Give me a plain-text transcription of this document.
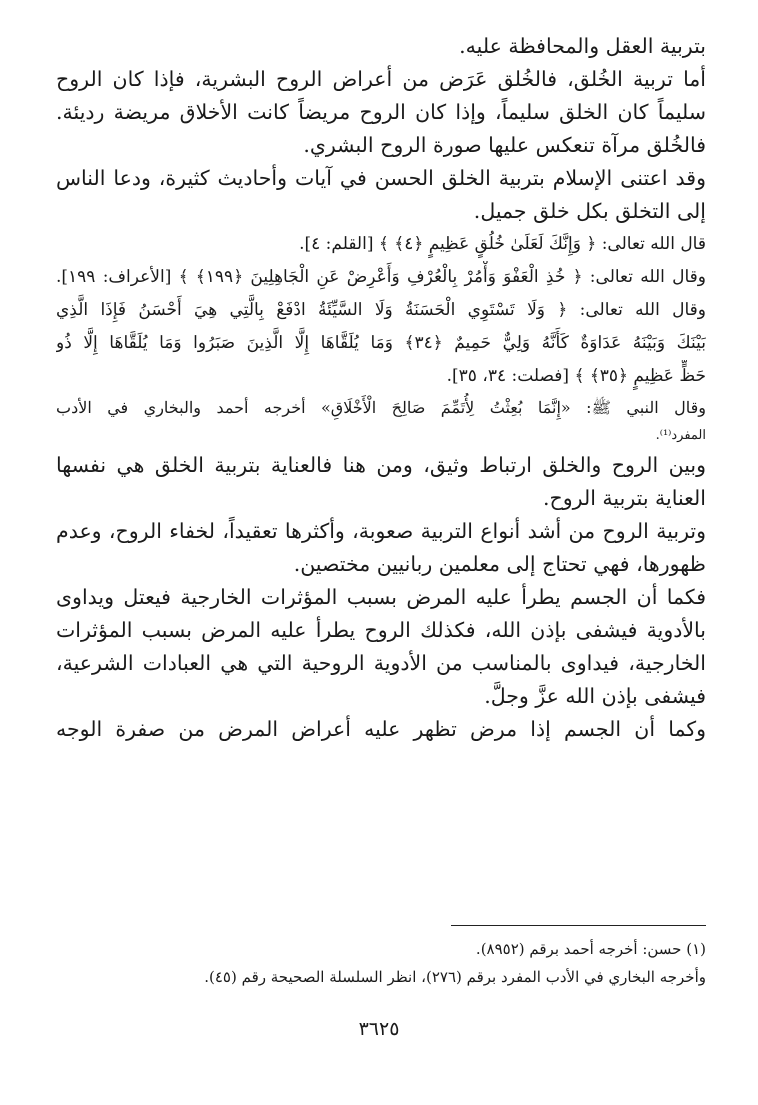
بتربية العقل والمحافظة عليه.
أما تربية الخُلق، فالخُلق عَرَض من أعراض الروح البشرية، فإذا كان الروح
سليماً كان الخلق سليماً، وإذا كان الروح مريضاً كانت الأخلاق مريضة رديئة.
فالخُلق مرآة تنعكس عليها صورة الروح البشري.
وقد اعتنى الإسلام بتربية الخلق الحسن في آيات وأحاديث كثيرة، ودعا الناس
إلى التخلق بكل خلق جميل.
قال الله تعالى: ﴿ وَإِنَّكَ لَعَلَىٰ خُلُقٍ عَظِيمٍ ﴿٤﴾ ﴾ [القلم: ٤].
وقال الله تعالى: ﴿ خُذِ الْعَفْوَ وَأْمُرْ بِالْعُرْفِ وَأَعْرِضْ عَنِ الْجَاهِلِينَ ﴿١٩٩﴾ ﴾ [الأعراف: ١٩٩].
وقال الله تعالى: ﴿ وَلَا تَسْتَوِي الْحَسَنَةُ وَلَا السَّيِّئَةُ ادْفَعْ بِالَّتِي هِيَ أَحْسَنُ فَإِذَا الَّذِي
بَيْنَكَ وَبَيْنَهُ عَدَاوَةٌ كَأَنَّهُ وَلِيٌّ حَمِيمٌ ﴿٣٤﴾ وَمَا يُلَقَّاهَا إِلَّا الَّذِينَ صَبَرُوا وَمَا يُلَقَّاهَا إِلَّا ذُو
حَظٍّ عَظِيمٍ ﴿٣٥﴾ ﴾ [فصلت: ٣٤، ٣٥].
وقال النبي ﷺ: «إِنَّمَا بُعِثْتُ لِأُتَمِّمَ صَالِحَ الْأَخْلَاقِ» أخرجه أحمد والبخاري في الأدب
المفرد⁽¹⁾.
وبين الروح والخلق ارتباط وثيق، ومن هنا فالعناية بتربية الخلق هي نفسها
العناية بتربية الروح.
وتربية الروح من أشد أنواع التربية صعوبة، وأكثرها تعقيداً، لخفاء الروح، وعدم
ظهورها، فهي تحتاج إلى معلمين ربانيين مختصين.
فكما أن الجسم يطرأ عليه المرض بسبب المؤثرات الخارجية فيعتل ويداوى
بالأدوية فيشفى بإذن الله، فكذلك الروح يطرأ عليه المرض بسبب المؤثرات
الخارجية، فيداوى بالمناسب من الأدوية الروحية التي هي العبادات الشرعية،
فيشفى بإذن الله عزَّ وجلَّ.
وكما أن الجسم إذا مرض تظهر عليه أعراض المرض من صفرة الوجه
(١) حسن: أخرجه أحمد برقم (٨٩٥٢).
وأخرجه البخاري في الأدب المفرد برقم (٢٧٦)، انظر السلسلة الصحيحة رقم (٤٥).
٣٦٢٥
